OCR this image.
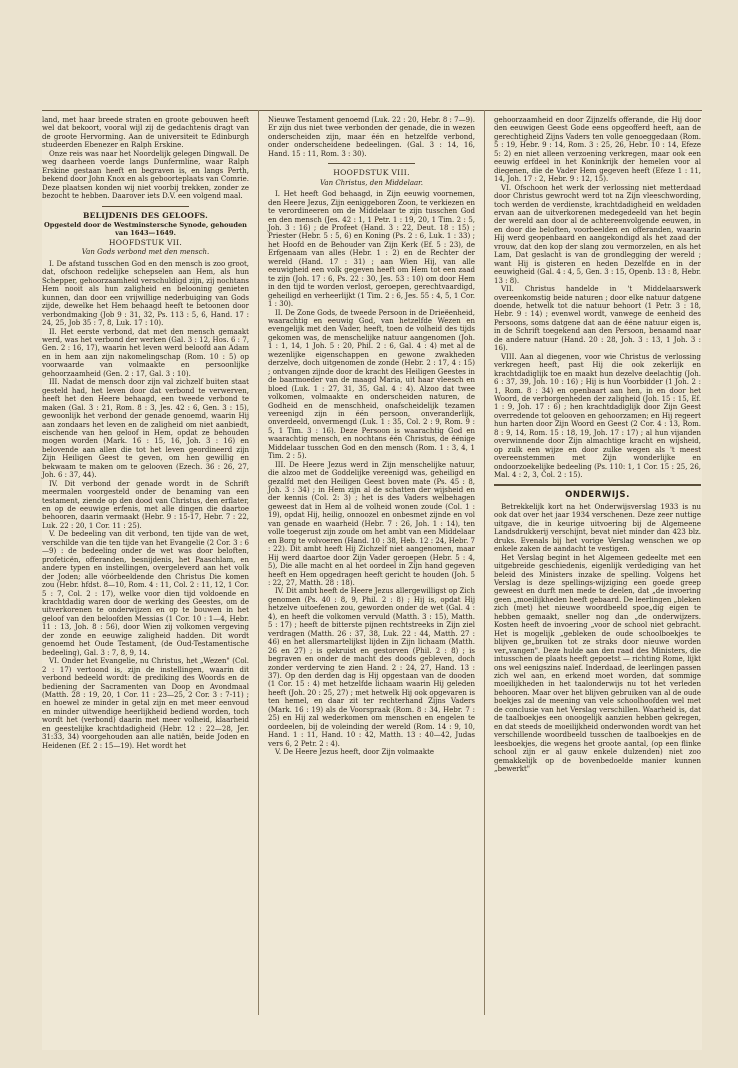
land, met haar breede straten en groote gebouwen heeft wel dat bekoort, vooral wijl zij de gedachtenis dragt van de groote Hervorming. Aan de universiteit te Edinburgh studeerden Ebenezer en Ralph Erskine.

Onze reis was naar het Noordelijk gelegen Dingwall. De weg daarheen voerde langs Dunfermline, waar Ralph Erskine gestaan heeft en begraven is, en langs Perth, bekend door John Knox en als geboorteplaats van Comrie. Deze plaatsen konden wij niet voorbij trekken, zonder ze bezocht te hebben. Daarover iets D.V. een volgend maal.

BELIJDENIS DES GELOOFS.
Opgesteld door de Westminstersche Synode, gehouden van 1643—1649.
HOOFDSTUK VII.
Van Gods verbond met den mensch.

I. De afstand tusschen God en den mensch is zoo groot, dat, ofschoon redelijke schepselen aan Hem, als hun Schepper, gehoorzaamheid verschuldigd zijn, zij nochtans Hem nooit als hun zaligheid en belooning genieten kunnen, dan door een vrijwillige nederbuiging van Gods zijde, dewelke het Hem behaagd heeft te betoonen door verbondmaking (Job 9 : 31, 32, Ps. 113 : 5, 6, Hand. 17 : 24, 25, Job 35 : 7, 8, Luk. 17 : 10).

II. Het eerste verbond, dat met den mensch gemaakt werd, was het verbond der werken (Gal. 3 : 12, Hos. 6 : 7, Gen. 2 : 16, 17), waarin het leven werd beloofd aan Adam en in hem aan zijn nakomelingschap (Rom. 10 : 5) op voorwaarde van volmaakte en persoonlijke gehoorzaamheid (Gen. 2 : 17, Gal. 3 : 10).

III. Nadat de mensch door zijn val zichzelf buiten staat gesteld had, het leven door dat verbond te verwerven, heeft het den Heere behaagd, een tweede verbond te maken (Gal. 3 : 21, Rom. 8 : 3, Jes. 42 : 6, Gen. 3 : 15), gewoonlijk het verbond der genade genoemd, waarin Hij aan zondaars het leven en de zaligheid om niet aanbiedt, eischende van hen geloof in Hem, opdat ze behouden mogen worden (Mark. 16 : 15, 16, Joh. 3 : 16) en belovende aan allen die tot het leven geordineerd zijn Zijn Heiligen Geest te geven, om hen gewillig en bekwaam te maken om te gelooven (Ezech. 36 : 26, 27, Joh. 6 : 37, 44).

IV. Dit verbond der genade wordt in de Schrift meermalen voorgesteld onder de benaming van een testament, ziende op den dood van Christus, den erflater, en op de eeuwige erfenis, met alle dingen die daartoe behooren, daarin vermaakt (Hebr. 9 : 15-17, Hebr. 7 : 22, Luk. 22 : 20, 1 Cor. 11 : 25).

V. De bedeeling van dit verbond, ten tijde van de wet, verschilde van die ten tijde van het Evangelie (2 Cor. 3 : 6—9) : de bedeeling onder de wet was door beloften, profeticën, offeranden, besnijdenis, het Paaschlam, en andere typen en instellingen, overgeleverd aan het volk der Joden; alle vóórbeeldende den Christus Die komen zou (Hebr. hfdst. 8—10, Rom. 4 : 11, Col. 2 : 11, 12, 1 Cor. 5 : 7, Col. 2 : 17), welke voor dien tijd voldoende en krachtdadig waren door de werking des Geestes, om de uitverkorenen te onderwijzen en op te bouwen in het geloof van den beloofden Messias (1 Cor. 10 : 1—4, Hebr. 11 : 13, Joh. 8 : 56), door Wien zij volkomen vergeving der zonde en eeuwige zaligheid hadden. Dit wordt genoemd het Oude Testament, (de Oud-Testamentische bedeeling), Gal. 3 : 7, 8, 9, 14.

VI. Onder het Evangelie, nu Christus, het „Wezen" (Col. 2 : 17) vertoond is, zijn de instellingen, waarin dit verbond bedeeld wordt: de prediking des Woords en de bediening der Sacramenten van Doop en Avondmaal (Matth. 28 : 19, 20, 1 Cor. 11 : 23—25, 2 Cor. 3 : 7-11) ; en hoewel ze minder in getal zijn en met meer eenvoud en minder uitwendige heerlijkheid bediend worden, toch wordt het (verbond) daarin met meer volheid, klaarheid en geestelijke krachtdadigheid (Hebr. 12 : 22—28, Jer. 31:33, 34) voorgehouden aan alle natiën, beide Joden en Heidenen (Ef. 2 : 15—19). Het wordt het

Nieuwe Testament genoemd (Luk. 22 : 20, Hebr. 8 : 7—9). Er zijn dus niet twee verbonden der genade, die in wezen onderscheiden zijn, maar één en hetzelfde verbond, onder onderscheidene bedeelingen. (Gal. 3 : 14, 16, Hand. 15 : 11, Rom. 3 : 30).

HOOFDSTUK VIII.
Van Christus, den Middelaar.

I. Het heeft God behaagd, in Zijn eeuwig voornemen, den Heere Jezus, Zijn eeniggeboren Zoon, te verkiezen en te verordineeren om de Middelaar te zijn tusschen God en den mensch (Jes. 42 : 1, 1 Petr. 1 : 19, 20, 1 Tim. 2 : 5, Joh. 3 : 16) ; de Profeet (Hand. 3 : 22, Deut. 18 : 15) ; Priester (Hebr. 5 : 5, 6) en Koning (Ps. 2 : 6, Luk. 1 : 33) ; het Hoofd en de Behouder van Zijn Kerk (Ef. 5 : 23), de Erfgenaam van alles (Hebr. 1 : 2) en de Rechter der wereld (Hand. 17 : 31) ; aan Wien Hij, van alle eeuwigheid een volk gegeven heeft om Hem tot een zaad te zijn (Joh. 17 : 6, Ps. 22 : 30, Jes. 53 : 10) om door Hem in den tijd te worden verlost, geroepen, gerechtvaardigd, geheiligd en verheerlijkt (1 Tim. 2 : 6, Jes. 55 : 4, 5, 1 Cor. 1 : 30).

II. De Zone Gods, de tweede Persoon in de Drieëenheid, waarachtig en eeuwig God, van hetzelfde Wezen en evengelijk met den Vader, heeft, toen de volheid des tijds gekomen was, de menschelijke natuur aangenomen (Joh. 1 : 1, 14, 1 Joh. 5 : 20, Phil. 2 : 6, Gal. 4 : 4) met al de wezenlijke eigenschappen en gewone zwakheden derzelve, doch uitgenomen de zonde (Hebr. 2 : 17, 4 : 15) ; ontvangen zijnde door de kracht des Heiligen Geestes in de baarmoeder van de maagd Maria, uit haar vleesch en bloed (Luk. 1 : 27, 31, 35, Gal. 4 : 4). Alzoo dat twee volkomen, volmaakte en onderscheiden naturen, de Godheid en de menschheid, onafscheidelijk tezamen vereenigd zijn in één persoon, onveranderlijk, onverdeeld, onvermengd (Luk. 1 : 35, Col. 2 : 9, Rom. 9 : 5, 1 Tim. 3 : 16). Deze Persoon is waarachtig God en waarachtig mensch, en nochtans één Christus, de éénige Middelaar tusschen God en den mensch (Rom. 1 : 3, 4, 1 Tim. 2 : 5).

III. De Heere Jezus werd in Zijn menschelijke natuur, die alzoo met de Goddelijke vereenigd was, geheiligd en gezalfd met den Heiligen Geest boven mate (Ps. 45 : 8, Joh. 3 : 34) ; in Hem zijn al de schatten der wijsheid en der kennis (Col. 2: 3) ; het is des Vaders welbehagen geweest dat in Hem al de volheid wonen zoude (Col. 1 : 19), opdat Hij, heilig, onnoozel en onbesmet zijnde en vol van genade en waarheid (Hebr. 7 : 26, Joh. 1 : 14), ten volle toegerust zijn zoude om het ambt van een Middelaar en Borg te volvoeren (Hand. 10 : 38, Heb. 12 : 24, Hebr. 7 : 22). Dit ambt heeft Hij Zichzelf niet aangenomen, maar Hij werd daartoe door Zijn Vader geroepen (Hebr. 5 : 4, 5), Die alle macht en al het oordeel in Zijn hand gegeven heeft en Hem opgedragen heeft gericht te houden (Joh. 5 : 22, 27, Matth. 28 : 18).

IV. Dit ambt heeft de Heere Jezus allergewilligst op Zich genomen (Ps. 40 : 8, 9, Phil. 2 : 8) ; Hij is, opdat Hij hetzelve uitoefenen zou, geworden onder de wet (Gal. 4 : 4), en heeft die volkomen vervuld (Matth. 3 : 15), Matth. 5 : 17) ; heeft de bitterste pijnen rechtstreeks in Zijn ziel verdragen (Matth. 26 : 37, 38, Luk. 22 : 44, Matth. 27 : 46) en het allersmartelijkst lijden in Zijn lichaam (Matth. 26 en 27) ; is gekruist en gestorven (Phil. 2 : 8) ; is begraven en onder de macht des doods gebleven, doch zonder verderving te zien Hand. 2 : 24, 27, Hand. 13 : 37). Op den derden dag is Hij opgestaan van de dooden (1 Cor. 15 : 4) met hetzelfde lichaam waarin Hij geleden heeft (Joh. 20 : 25, 27) ; met hetwelk Hij ook opgevaren is ten hemel, en daar zit ter rechterhand Zijns Vaders (Mark. 16 : 19) als de Voorspraak (Rom. 8 : 34, Hebr. 7 : 25) en Hij zal wederkomen om menschen en engelen te oordeelen, bij de voleinding der wereld (Rom. 14 : 9, 10, Hand. 1 : 11, Hand. 10 : 42, Matth. 13 : 40—42, Judas vers 6, 2 Petr. 2 : 4).

V. De Heere Jezus heeft, door Zijn volmaakte

gehoorzaamheid en door Zijnzelfs offerande, die Hij door den eeuwigen Geest Gode eens opgeofferd heeft, aan de gerechtigheid Zijns Vaders ten volle genoeggedaan (Rom. 5 : 19, Hebr. 9 : 14, Rom. 3 : 25, 26, Hebr. 10 : 14, Efeze 5: 2) en niet alleen verzoening verkregen, maar ook een eeuwig erfdeel in het Koninkrijk der hemelen voor al diegenen, die de Vader Hem gegeven heeft (Efeze 1 : 11, 14, Joh. 17 : 2, Hebr. 9 : 12, 15).

VI. Ofschoon het werk der verlossing niet metterdaad door Christus gewrocht werd tot na Zijn vleeschwording, toch werden de verdienste, krachtdadigheid en weldaden ervan aan de uitverkorenen medegedeeld van het begin der wereld aan door al de achtereenvolgende eeuwen, in en door die beloften, voorbeelden en offeranden, waarin Hij werd geopenbaard en aangekondigd als het zaad der vrouw, dat den kop der slang zou vermorzelen, en als het Lam, Dat geslacht is van de grondlegging der wereld ; want Hij is gisteren en heden Dezelfde en in der eeuwigheid (Gal. 4 : 4, 5, Gen. 3 : 15, Openb. 13 : 8, Hebr. 13 : 8).

VII. Christus handelde in 't Middelaarswerk overeenkomstig beide naturen ; door elke natuur datgene doende, hetwelk tot die natuur behoort (1 Petr. 3 : 18, Hebr. 9 : 14) ; evenwel wordt, vanwege de eenheid des Persoons, soms datgene dat aan de ééne natuur eigen is, in de Schrift toegekend aan den Persoon, benaamd naar de andere natuur (Hand. 20 : 28, Joh. 3 : 13, 1 Joh. 3 : 16).

VIII. Aan al diegenen, voor wie Christus de verlossing verkregen heeft, past Hij die ook zekerlijk en krachtdadiglijk toe en maakt hun dezelve deelachtig (Joh. 6 : 37, 39, Joh. 10 : 16) ; Hij is hun Voorbidder (1 Joh. 2 : 1, Rom. 8 : 34) en openbaart aan hen, in en door het Woord, de verborgenheden der zaligheid (Joh. 15 : 15, Ef. 1 : 9, Joh. 17 : 6) ; hen krachtdadiglijk door Zijn Geest overredende tot gelooven en gehoorzamen; en Hij regeert hun harten door Zijn Woord en Geest (2 Cor. 4 : 13, Rom. 8 : 9, 14, Rom. 15 : 18, 19, Joh. 17 : 17) ; al hun vijanden overwinnende door Zijn almachtige kracht en wijsheid, op zulk een wijze en door zulke wegen als 't meest overeenstemmen met Zijn wonderlijke en ondoorzoekelijke bedeeling (Ps. 110: 1, 1 Cor. 15 : 25, 26, Mal. 4 : 2, 3, Col. 2 : 15).

ONDERWIJS.

Betrekkelijk kort na het Onderwijsverslag 1933 is nu ook dat over het jaar 1934 verschenen. Deze zeer nuttige uitgave, die in keurige uitvoering bij de Algemeene Landsdrukkerij verschijnt, bevat niet minder dan 423 blz. druks. Evenals bij het vorige Verslag wenschen we op enkele zaken de aandacht te vestigen.

Het Verslag begint in het Algemeen gedeelte met een uitgebreide geschiedenis, eigenlijk verdediging van het beleid des Ministers inzake de spelling. Volgens het Verslag is deze spellings-wijziging een goede greep geweest en durft men mede te deelen, dat „de invoering geen „moeilijkheden heeft gebaard. De leerlingen „bleken zich (met) het nieuwe woordbeeld spoe„dig eigen te hebben gemaakt, sneller nog dan „de onderwijzers. Kosten heeft de invoering „voor de school niet gebracht. Het is mogelijk „gebleken de oude schoolboekjes te blijven ge„bruiken tot ze straks door nieuwe worden ver„vangen". Deze hulde aan den raad des Ministers, die intusschen de plaats heeft gepoetst — richting Rome, lijkt ons wel eenigszins naïef. Inderdaad, de leerlingen passen zich wel aan, en erkend moet worden, dat sommige moeilijkheden in het taalonderwijs nu tot het verleden behooren. Maar over het blijven gebruiken van al de oude boekjes zal de meening van vele schoolhoofden wel met de conclusie van het Verslag verschillen. Waarheid is, dat de taalboekjes een onoogelijk aanzien hebben gekregen, en dat steeds de moeilijkheid onderwonden wordt van het verschillende woordbeeld tusschen de taalboekjes en de leesboekjes, die wegens het groote aantal, (op een flinke school zijn er al gauw enkele dulzenden) niet zoo gemakkelijk op de bovenbedoelde manier kunnen „bewerkt"
